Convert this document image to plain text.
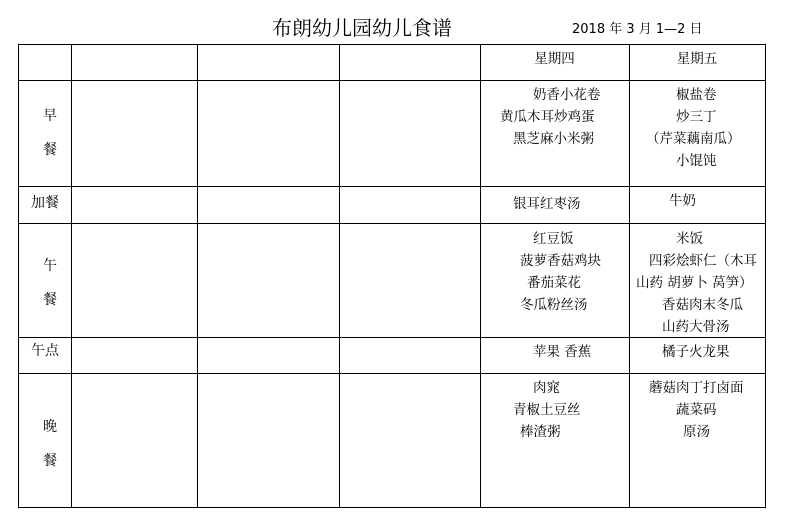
布朗幼儿园幼儿食谱	2018 年 3 月 1—2 日
星期四	星期五
早
餐
加餐
午
餐
午点
晚
餐
奶香小花卷
黄瓜木耳炒鸡蛋
黑芝麻小米粥
银耳红枣汤
红豆饭
菠萝香菇鸡块
番茄菜花
冬瓜粉丝汤
苹果 香蕉
肉窕
青椒土豆丝
棒渣粥
椒盐卷
炒三丁
（芹菜藕南瓜）
小馄饨
牛奶
米饭
四彩烩虾仁（木耳
山药 胡萝卜 莴笋）
香菇肉末冬瓜
山药大骨汤
橘子火龙果
蘑菇肉丁打卤面
蔬菜码
原汤
